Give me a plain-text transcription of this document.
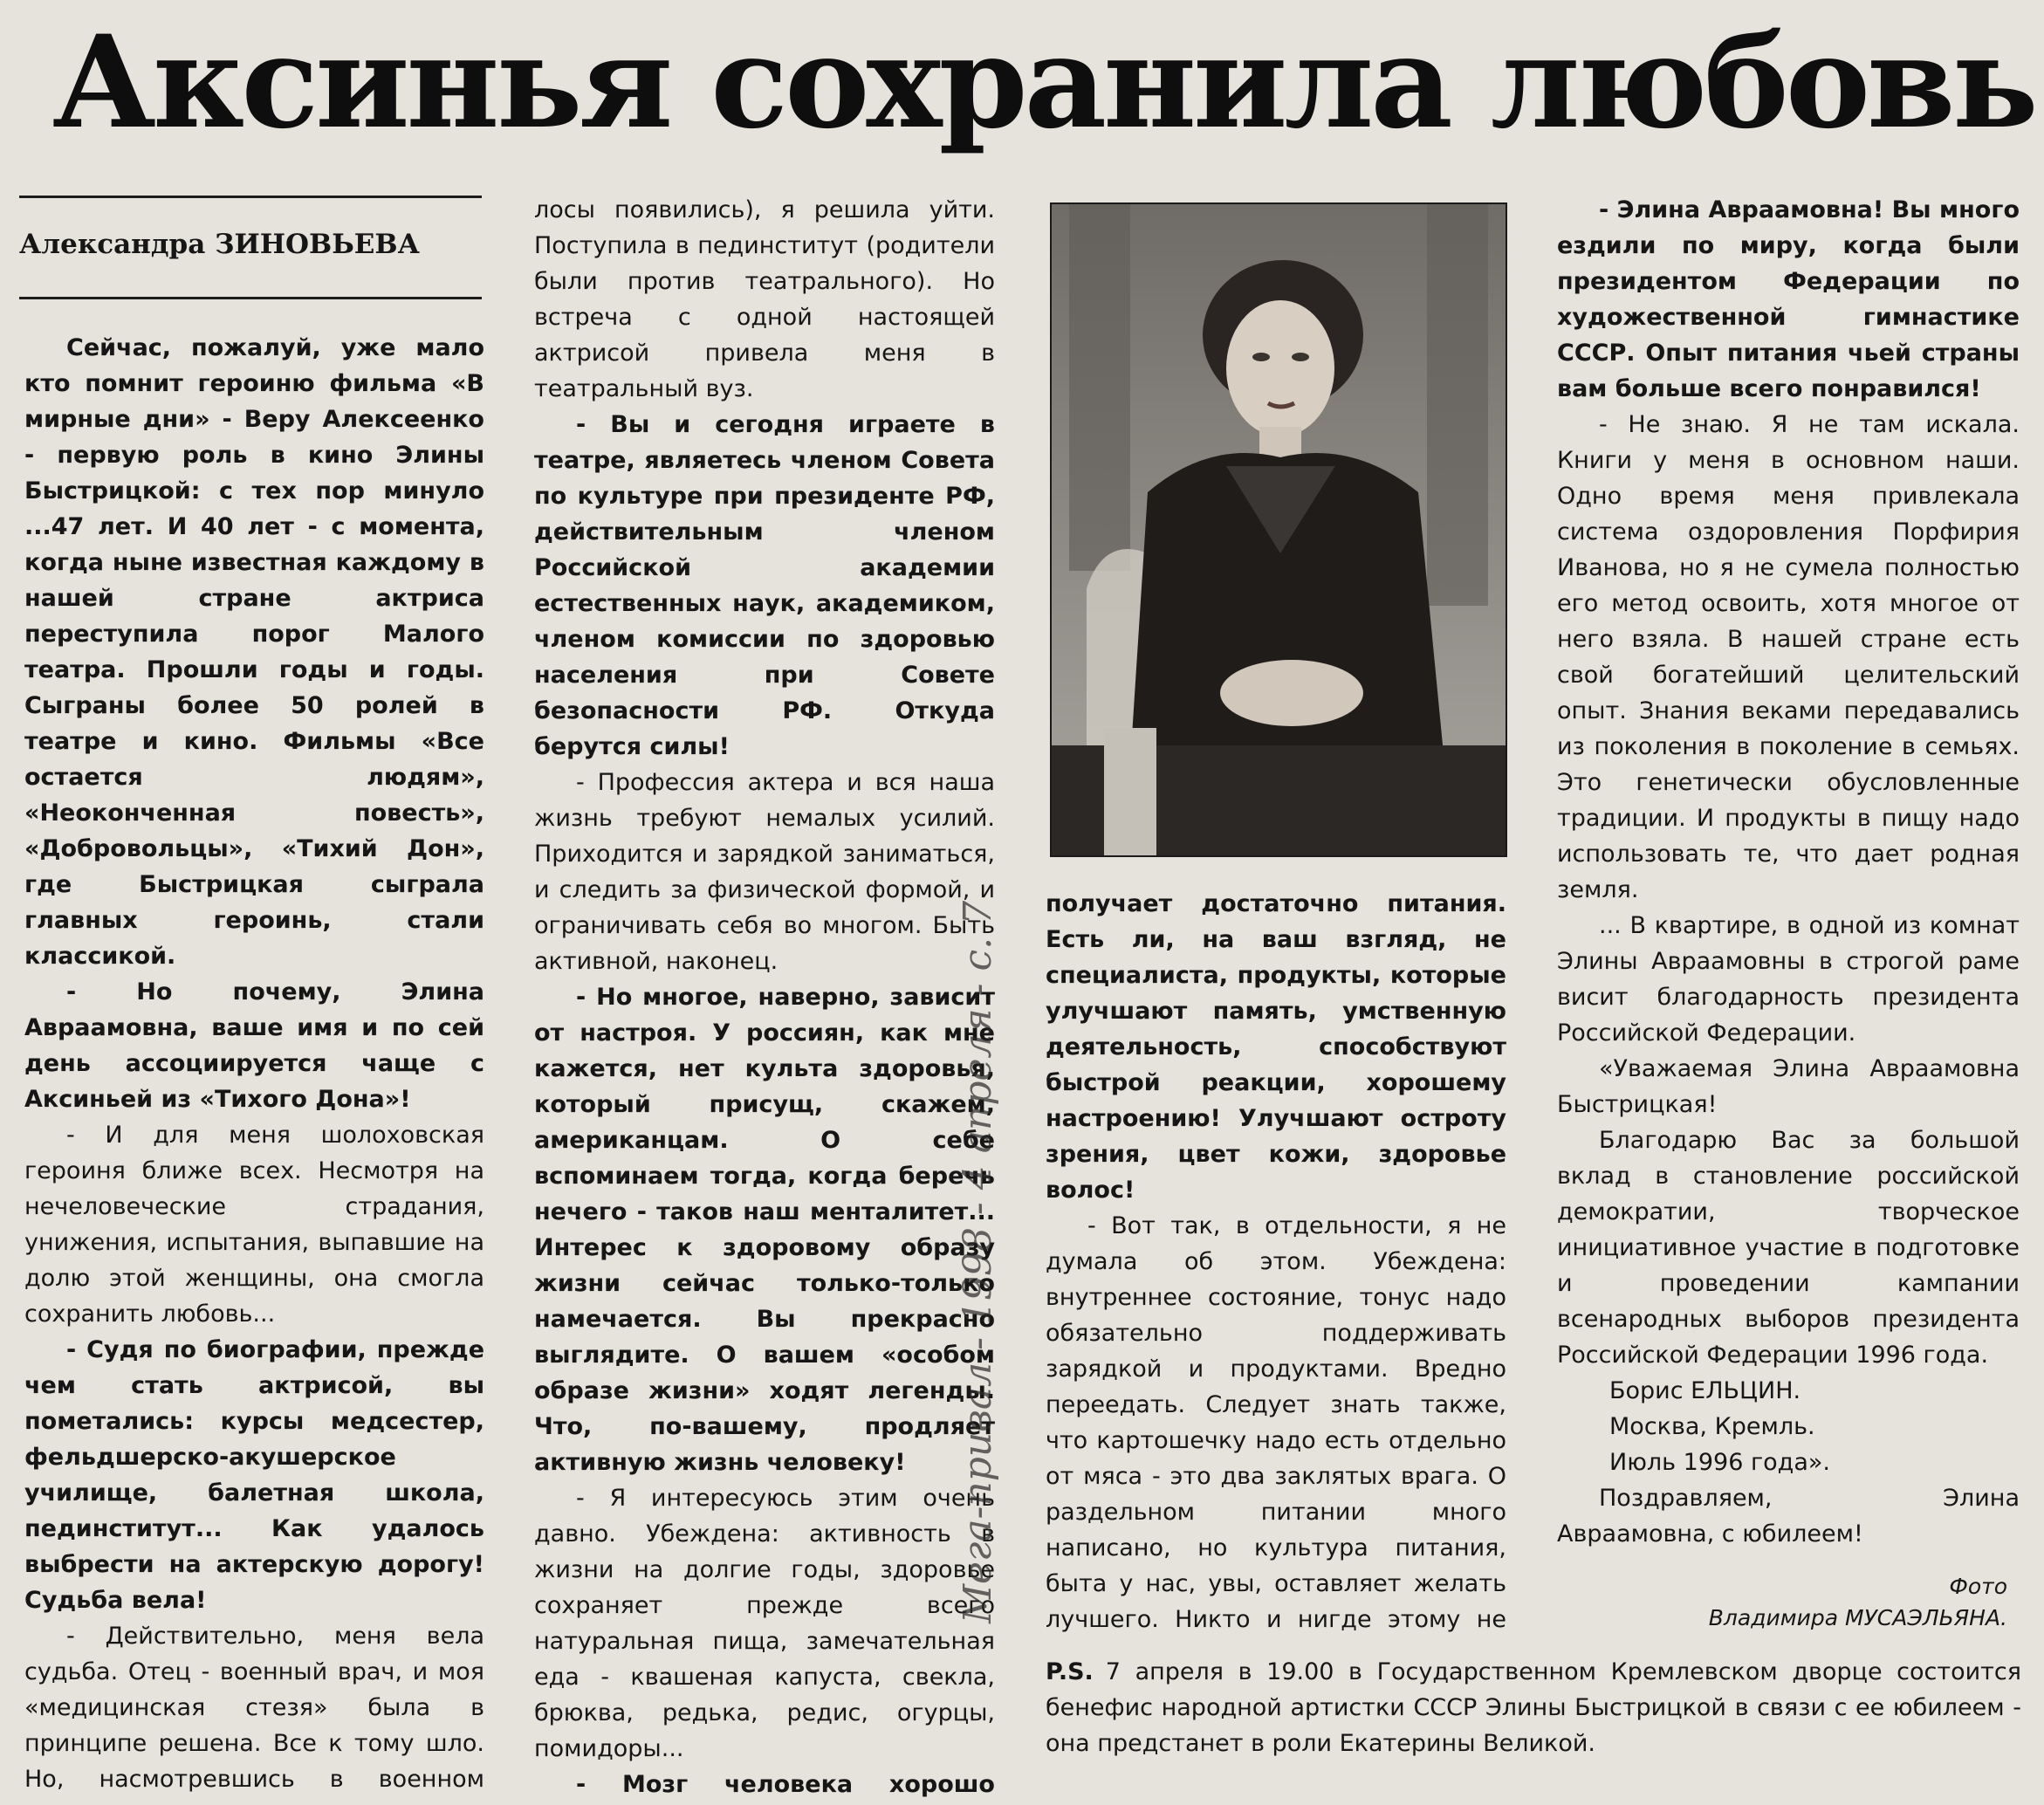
Аксинья сохранила любовь
Александра ЗИНОВЬЕВА

Сейчас, пожалуй, уже мало кто помнит героиню фильма «В мирные дни» - Веру Алексеенко - первую роль в кино Элины Быстрицкой: с тех пор минуло ...47 лет. И 40 лет - с момента, когда ныне известная каждому в нашей стране актриса переступила порог Малого театра. Прошли годы и годы. Сыграны более 50 ролей в театре и кино. Фильмы «Все остается людям», «Неоконченная повесть», «Добровольцы», «Тихий Дон», где Быстрицкая сыграла главных героинь, стали классикой.

- Но почему, Элина Авраамовна, ваше имя и по сей день ассоциируется чаще с Аксиньей из «Тихого Дона»!

- И для меня шолоховская героиня ближе всех. Несмотря на нечеловеческие страдания, унижения, испытания, выпавшие на долю этой женщины, она смогла сохранить любовь...

- Судя по биографии, прежде чем стать актрисой, вы пометались: курсы медсестер, фельдшерско-акушерское училище, балетная школа, пединститут... Как удалось выбрести на актерскую дорогу! Судьба вела!

- Действительно, меня вела судьба. Отец - военный врач, и моя «медицинская стезя» была в принципе решена. Все к тому шло. Но, насмотревшись в военном

лосы появились), я решила уйти. Поступила в пединститут (родители были против театрального). Но встреча с одной настоящей актрисой привела меня в театральный вуз.

- Вы и сегодня играете в театре, являетесь членом Совета по культуре при президенте РФ, действительным членом Российской академии естественных наук, академиком, членом комиссии по здоровью населения при Совете безопасности РФ. Откуда берутся силы!

- Профессия актера и вся наша жизнь требуют немалых усилий. Приходится и зарядкой заниматься, и следить за физической формой, и ограничивать себя во многом. Быть активной, наконец.

- Но многое, наверно, зависит от настроя. У россиян, как мне кажется, нет культа здоровья, который присущ, скажем, американцам. О себе вспоминаем тогда, когда беречь нечего - таков наш менталитет... Интерес к здоровому образу жизни сейчас только-только намечается. Вы прекрасно выглядите. О вашем «особом образе жизни» ходят легенды. Что, по-вашему, продляет активную жизнь человеку!

- Я интересуюсь этим очень давно. Убеждена: активность в жизни на долгие годы, здоровье сохраняет прежде всего натуральная пища, замечательная еда - квашеная капуста, свекла, брюква, редька, редис, огурцы, помидоры...

- Мозг человека хорошо

получает достаточно питания. Есть ли, на ваш взгляд, не специалиста, продукты, которые улучшают память, умственную деятельность, способствуют быстрой реакции, хорошему настроению! Улучшают остроту зрения, цвет кожи, здоровье волос!

- Вот так, в отдельности, я не думала об этом. Убеждена: внутреннее состояние, тонус надо обязательно поддерживать зарядкой и продуктами. Вредно переедать. Следует знать также, что картошечку надо есть отдельно от мяса - это два заклятых врага. О раздельном питании много написано, но культура питания, быта у нас, увы, оставляет желать лучшего. Никто и нигде этому не

- Элина Авраамовна! Вы много ездили по миру, когда были президентом Федерации по художественной гимнастике СССР. Опыт питания чьей страны вам больше всего понравился!

- Не знаю. Я не там искала. Книги у меня в основном наши. Одно время меня привлекала система оздоровления Порфирия Иванова, но я не сумела полностью его метод освоить, хотя многое от него взяла. В нашей стране есть свой богатейший целительский опыт. Знания веками передавались из поколения в поколение в семьях. Это генетически обусловленные традиции. И продукты в пищу надо использовать те, что дает родная земля.

... В квартире, в одной из комнат Элины Авраамовны в строгой раме висит благодарность президента Российской Федерации.

«Уважаемая Элина Авраамовна Быстрицкая!

Благодарю Вас за большой вклад в становление российской демократии, творческое инициативное участие в подготовке и проведении кампании всенародных выборов президента Российской Федерации 1996 года.

Борис ЕЛЬЦИН.

Москва, Кремль.

Июль 1996 года».

Поздравляем, Элина Авраамовна, с юбилеем!

Фото
Владимира МУСАЭЛЬЯНА.
P.S. 7 апреля в 19.00 в Государственном Кремлевском дворце состоится бенефис народной артистки СССР Элины Быстрицкой в связи с ее юбилеем - она предстанет в роли Екатерины Великой.
Мега-привал - 1998 - 4 апреля - с. 7
